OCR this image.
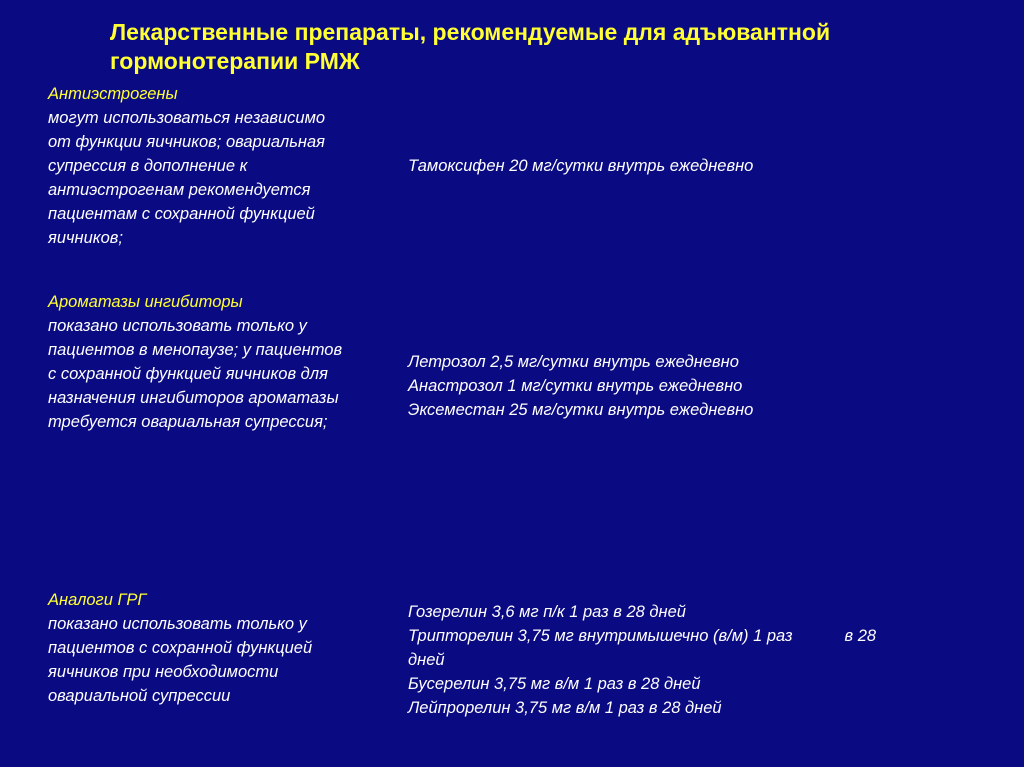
Лекарственные препараты, рекомендуемые для адъювантной
гормонотерапии РМЖ
Антиэстрогены
могут использоваться независимо
от функции яичников; овариальная
супрессия в дополнение к
антиэстрогенам рекомендуется
пациентам с сохранной функцией
яичников;
Тамоксифен 20 мг/сутки внутрь ежедневно
Ароматазы ингибиторы
показано использовать только у
пациентов в менопаузе; у пациентов
с сохранной функцией яичников для
назначения ингибиторов ароматазы
требуется овариальная супрессия;
Летрозол 2,5 мг/сутки внутрь ежедневно
Анастрозол 1 мг/сутки внутрь ежедневно
Эксеместан 25 мг/сутки внутрь ежедневно
Аналоги ГРГ
показано использовать только у
пациентов с сохранной функцией
яичников при необходимости
овариальной супрессии
Гозерелин 3,6 мг п/к 1 раз в 28 дней
Трипторелин 3,75 мг внутримышечно (в/м) 1 раз	в 28
дней
Бусерелин 3,75 мг в/м 1 раз в 28 дней
Лейпрорелин 3,75 мг в/м 1 раз в 28 дней
